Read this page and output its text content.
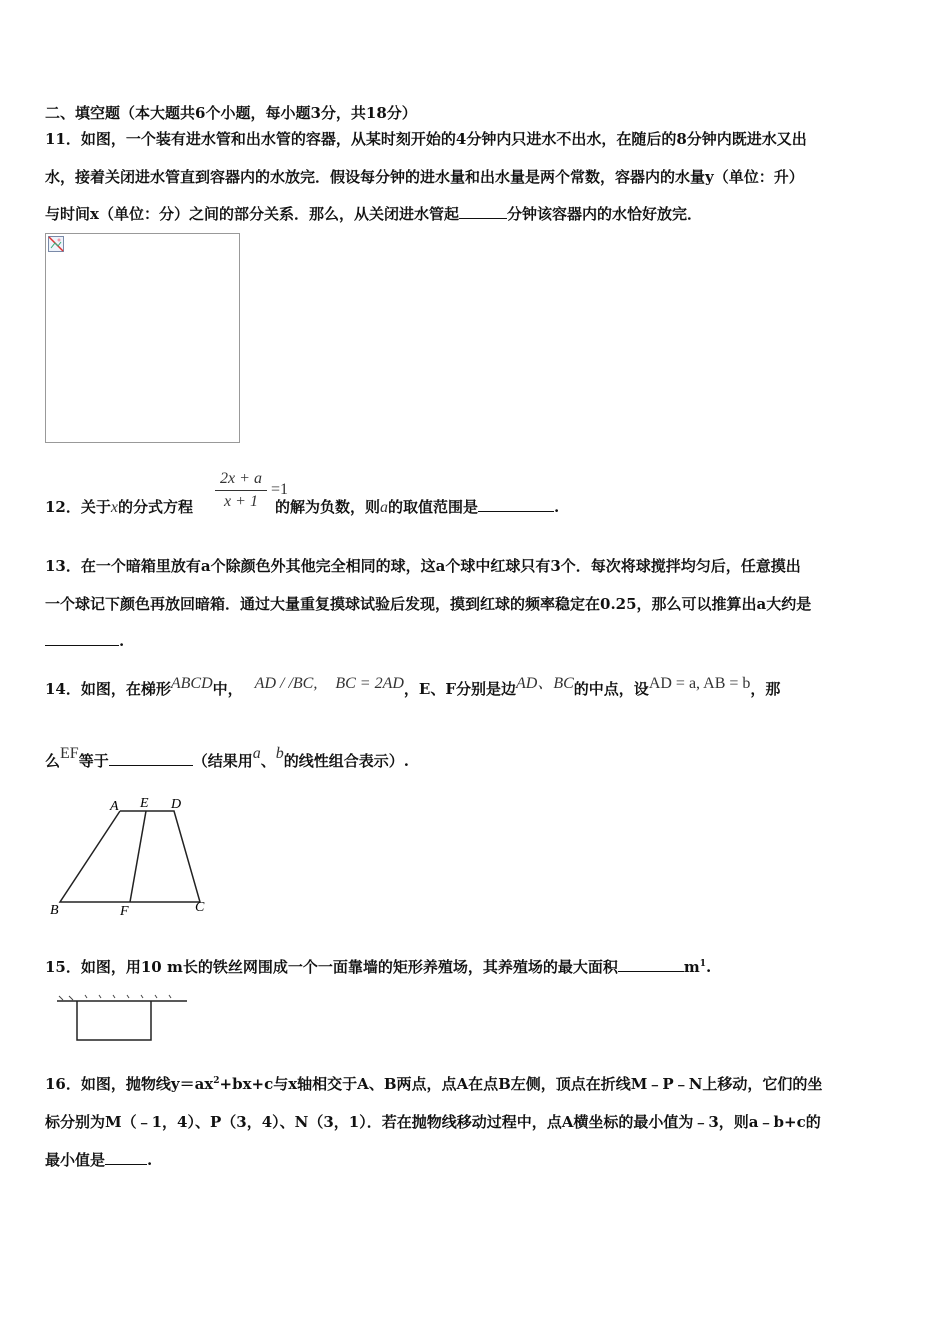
二、填空题（本大题共6个小题，每小题3分，共18分）
11．如图，一个装有进水管和出水管的容器，从某时刻开始的4分钟内只进水不出水，在随后的8分钟内既进水又出
水，接着关闭进水管直到容器内的水放完．假设每分钟的进水量和出水量是两个常数，容器内的水量y（单位：升）
与时间x（单位：分）之间的部分关系．那么，从关闭进水管起	分钟该容器内的水恰好放完．
$\frac{2x + a}{x + 1} =1$
12．关于x的分式方程	的解为负数，则a的取值范围是	.
13．在一个暗箱里放有a个除颜色外其他完全相同的球，这a个球中红球只有3个．每次将球搅拌均匀后，任意摸出
一个球记下颜色再放回暗箱．通过大量重复摸球试验后发现，摸到红球的频率稳定在0.25，那么可以推算出a大约是
.
14．如图，在梯形ABCD中， AD / /BC, BC = 2AD，E、F分别是边AD、BC的中点，设AD = a, AB = b，那
么EF等于	（结果用a、b的线性组合表示）.
A E D
B	F	C
15．如图，用10 m长的铁丝网围成一个一面靠墙的矩形养殖场，其养殖场的最大面积	$m^1$.
16．如图，抛物线$y=ax^2+bx+c$与x轴相交于A、B两点，点A在点B左侧，顶点在折线M﹣P﹣N上移动，它们的坐
标分别为M（﹣1，4）、P（3，4）、N（3，1）．若在抛物线移动过程中，点A横坐标的最小值为﹣3，则a﹣b+c的
最小值是	.
